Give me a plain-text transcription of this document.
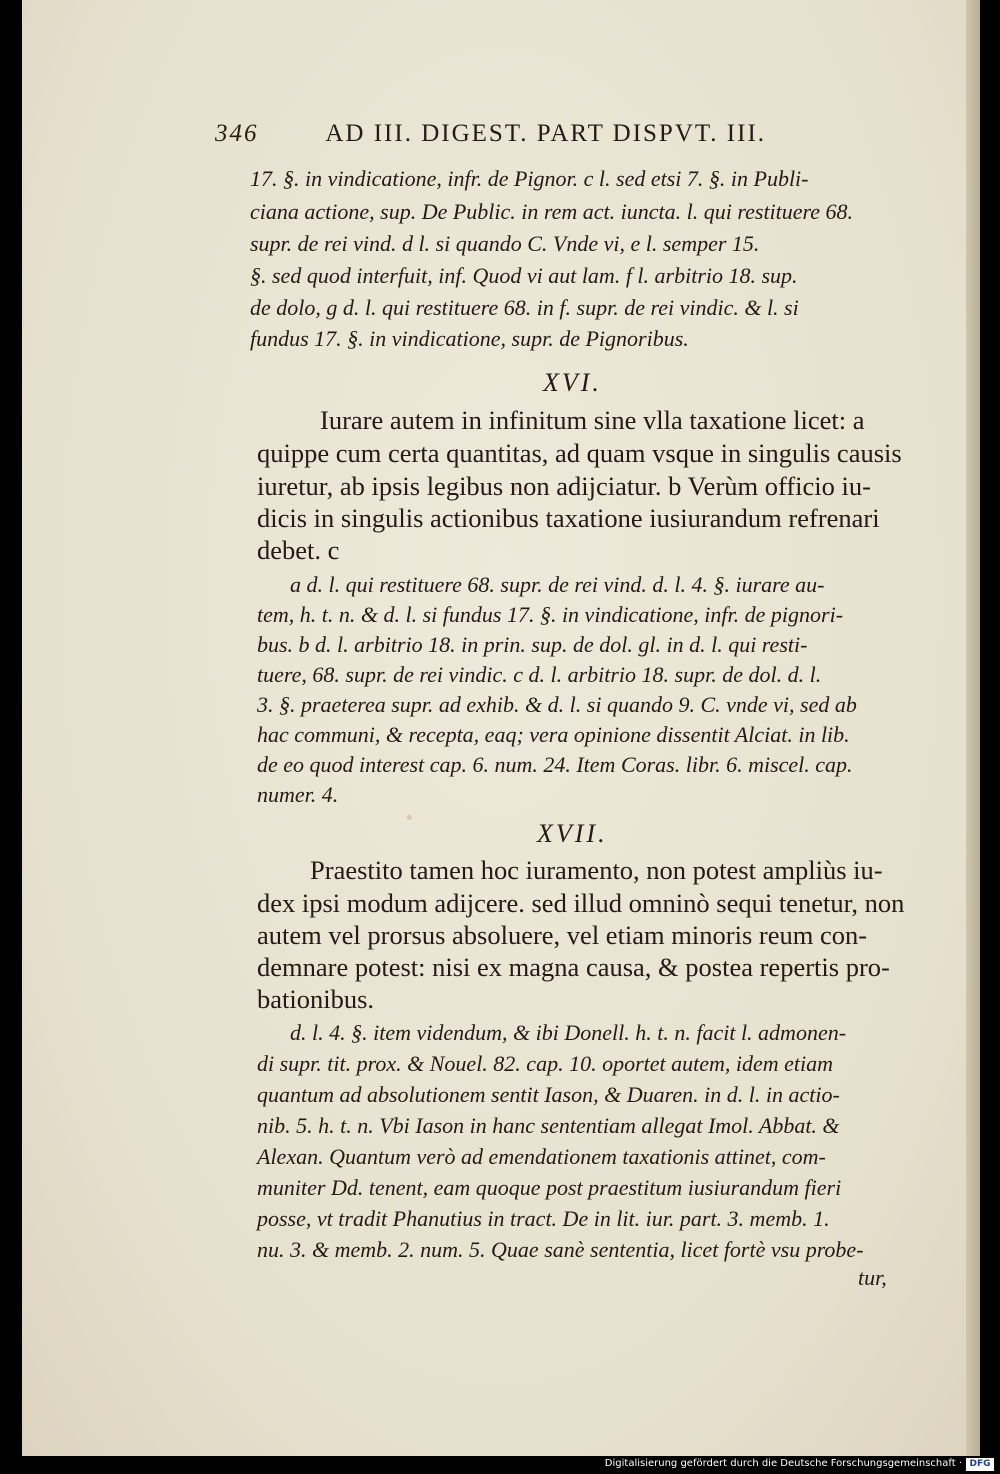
346	AD III. DIGEST. PART DISPVT. III.
17. §. in vindicatione, infr. de Pignor. c l. sed etsi 7. §. in Publi-
ciana actione, sup. De Public. in rem act. iuncta. l. qui restituere 68.
supr. de rei vind. d l. si quando C. Vnde vi, e l. semper 15.
§. sed quod interfuit, inf. Quod vi aut lam. f l. arbitrio 18. sup.
de dolo, g d. l. qui restituere 68. in f. supr. de rei vindic. & l. si
fundus 17. §. in vindicatione, supr. de Pignoribus.
XVI.
Iurare autem in infinitum sine vlla taxatione licet: a
quippe cum certa quantitas, ad quam vsque in singulis causis
iuretur, ab ipsis legibus non adijciatur. b Verùm officio iu-
dicis in singulis actionibus taxatione iusiurandum refrenari
debet. c
a d. l. qui restituere 68. supr. de rei vind. d. l. 4. §. iurare au-
tem, h. t. n. & d. l. si fundus 17. §. in vindicatione, infr. de pignori-
bus. b d. l. arbitrio 18. in prin. sup. de dol. gl. in d. l. qui resti-
tuere, 68. supr. de rei vindic. c d. l. arbitrio 18. supr. de dol. d. l.
3. §. praeterea supr. ad exhib. & d. l. si quando 9. C. vnde vi, sed ab
hac communi, & recepta, eaq; vera opinione dissentit Alciat. in lib.
de eo quod interest cap. 6. num. 24. Item Coras. libr. 6. miscel. cap.
numer. 4.
XVII.
Praestito tamen hoc iuramento, non potest ampliùs iu-
dex ipsi modum adijcere. sed illud omninò sequi tenetur, non
autem vel prorsus absoluere, vel etiam minoris reum con-
demnare potest: nisi ex magna causa, & postea repertis pro-
bationibus.
d. l. 4. §. item videndum, & ibi Donell. h. t. n. facit l. admonen-
di supr. tit. prox. & Nouel. 82. cap. 10. oportet autem, idem etiam
quantum ad absolutionem sentit Iason, & Duaren. in d. l. in actio-
nib. 5. h. t. n. Vbi Iason in hanc sententiam allegat Imol. Abbat. &
Alexan. Quantum verò ad emendationem taxationis attinet, com-
muniter Dd. tenent, eam quoque post praestitum iusiurandum fieri
posse, vt tradit Phanutius in tract. De in lit. iur. part. 3. memb. 1.
nu. 3. & memb. 2. num. 5. Quae sanè sententia, licet fortè vsu probe-
tur,
Digitalisierung gefördert durch die Deutsche Forschungsgemeinschaft · DFG
